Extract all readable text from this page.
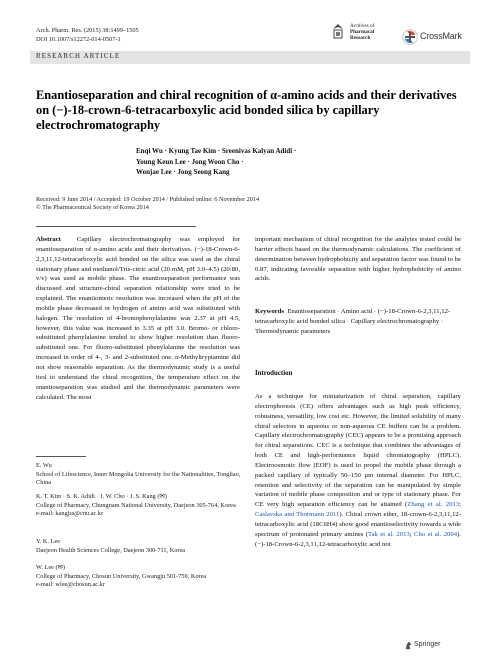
Arch. Pharm. Res. (2015) 38:1499–1505
DOI 10.1007/s12272-014-0507-1
Archives of
Pharmacal
Research	CrossMark
RESEARCH ARTICLE
Enantioseparation and chiral recognition of α-amino acids and their derivatives on (−)-18-crown-6-tetracarboxylic acid bonded silica by capillary electrochromatography
Enqi Wu · Kyung Tae Kim · Sreenivas Kalyan Adidi ·
Young Keun Lee · Jong Woon Cho ·
Wonjae Lee · Jong Seong Kang
Received: 9 June 2014 / Accepted: 19 October 2014 / Published online: 6 November 2014
© The Pharmaceutical Society of Korea 2014
Abstract Capillary electrochromatography was employed for enantioseparation of α-amino acids and their derivatives. (−)-18-Crown-6-2,3,11,12-tetracarboxylic acid bonded on the silica was used as the chiral stationary phase and methanol/Tris-citric acid (20 mM, pH 3.0–4.5) (20:80, v/v) was used as mobile phase. The enantioseparation performance was discussed and structure-chiral separation relationship were tried to be explained. The enantiomeric resolution was increased when the pH of the mobile phase decreased or hydrogen of amino acid was substituted with halogen. The resolution of 4-bromophenylalanine was 2.37 at pH 4.5, however, this value was increased to 3.35 at pH 3.0. Bromo- or chloro-substituted phenylalanine tended to show higher resolution than fluoro-substituted one. For fluoro-substituted phenylalanine the resolution was increased in order of 4-, 3- and 2-substituted one. α-Methyltryptamine did not show reasonable separation. As the thermodynamic study is a useful tool to understand the chiral recognition, the temperature effect on the enantioseparation was studied and the thermodynamic parameters were calculated. The most
E. Wu
School of Lifescience, Inner Mongolia University for the Nationalities, Tongliao, China
K. T. Kim · S. K. Adidi · J. W. Cho · J. S. Kang (✉)
College of Pharmacy, Chungnam National University, Daejeon 305-764, Korea
e-mail: kangjss@cnu.ac.kr
Y. K. Lee
Daejeon Health Sciences College, Daejeon 300-711, Korea
W. Lee (✉)
College of Pharmacy, Chosun University, Gwangju 501-759, Korea
e-mail: wlee@chosun.ac.kr
important mechanism of chiral recognition for the analytes tested could be barrier effects based on the thermodynamic calculations. The coefficient of determination between hydrophobicity and separation factor was found to be 0.87, indicating favorable separation with higher hydrophobicity of amino acids.
Keywords Enantioseparation · Amino acid · (−)-18-Crown-6-2,3,11,12-tetracarboxylic acid bonded silica · Capillary electrochromatography · Thermodynamic parameters
Introduction
As a technique for miniaturization of chiral separation, capillary electrophoresis (CE) offers advantages such as high peak efficiency, robustness, versatility, low cost etc. However, the limited solubility of many chiral selectors in aqueous or non-aqueous CE buffers can be a problem. Capillary electrochromatography (CEC) appears to be a promising approach for chiral separations. CEC is a technique that combines the advantages of both CE and high-performance liquid chromatography (HPLC). Electroosmotic flow (EOF) is used to propel the mobile phase through a packed capillary of typically 50–150 μm internal diameter. For HPLC, retention and selectivity of the separation can be manipulated by simple variation of mobile phase composition and or type of stationary phase. For CE very high separation efficiency can be attained (Zhang et al. 2013; Caslavska and Thormann 2011). Chiral crown ether, 18-crown-6-2,3,11,12-tetracarboxylic acid (18C6H4) show good enantioselectivity towards a wide spectrum of protonated primary amines (Tak et al. 2013; Cho et al. 2004). (−)-18-Crown-6-2,3,11,12-tetracarboxylic acid not
Springer
